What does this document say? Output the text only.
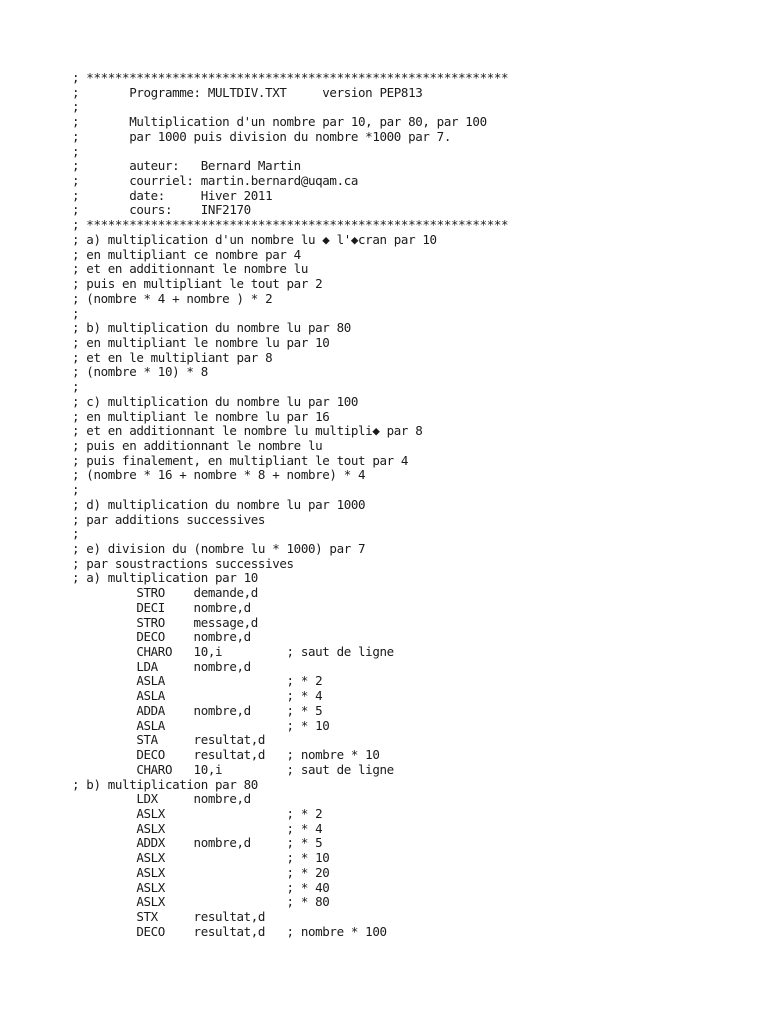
; ***********************************************************
;       Programme: MULTDIV.TXT     version PEP813
;
;       Multiplication d'un nombre par 10, par 80, par 100
;       par 1000 puis division du nombre *1000 par 7.
;
;       auteur:   Bernard Martin
;       courriel: martin.bernard@uqam.ca
;       date:     Hiver 2011
;       cours:    INF2170
; ***********************************************************
; a) multiplication d'un nombre lu ◆ l'◆cran par 10
; en multipliant ce nombre par 4
; et en additionnant le nombre lu
; puis en multipliant le tout par 2
; (nombre * 4 + nombre ) * 2
;
; b) multiplication du nombre lu par 80
; en multipliant le nombre lu par 10
; et en le multipliant par 8
; (nombre * 10) * 8
;
; c) multiplication du nombre lu par 100
; en multipliant le nombre lu par 16
; et en additionnant le nombre lu multipli◆ par 8
; puis en additionnant le nombre lu
; puis finalement, en multipliant le tout par 4
; (nombre * 16 + nombre * 8 + nombre) * 4
;
; d) multiplication du nombre lu par 1000
; par additions successives
;
; e) division du (nombre lu * 1000) par 7
; par soustractions successives
; a) multiplication par 10
STRO    demande,d
DECI    nombre,d
STRO    message,d
DECO    nombre,d
CHARO   10,i         ; saut de ligne
LDA     nombre,d
ASLA                 ; * 2
ASLA                 ; * 4
ADDA    nombre,d     ; * 5
ASLA                 ; * 10
STA     resultat,d
DECO    resultat,d   ; nombre * 10
CHARO   10,i         ; saut de ligne
; b) multiplication par 80
LDX     nombre,d
ASLX                 ; * 2
ASLX                 ; * 4
ADDX    nombre,d     ; * 5
ASLX                 ; * 10
ASLX                 ; * 20
ASLX                 ; * 40
ASLX                 ; * 80
STX     resultat,d
DECO    resultat,d   ; nombre * 100
